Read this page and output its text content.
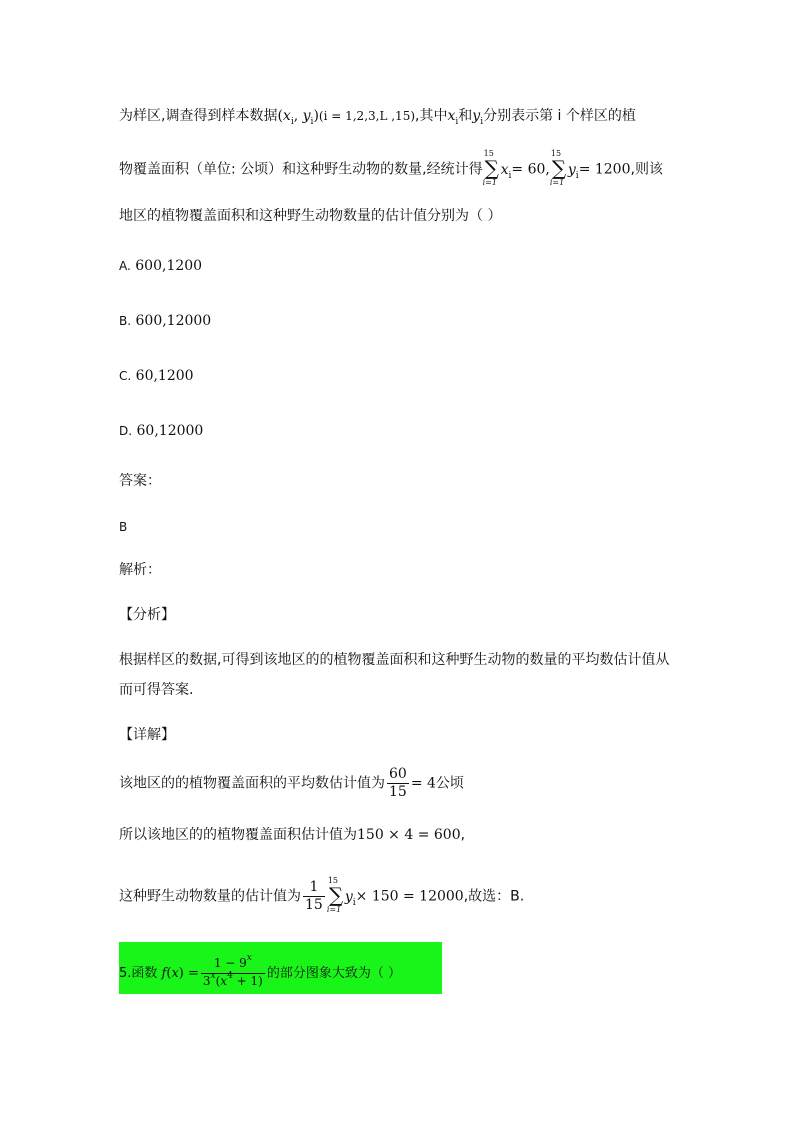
为样区,调查得到样本数据($x_i$, $y_i)(i = 1,2,3,L$ ,15),其中$x_i$和$y_i$分别表示第 i 个样区的植
物覆盖面积（单位: 公顷）和这种野生动物的数量,经统计得
15
∑
i=1
$x_i= 60$,
15
∑
i=1
$y_i= 1200$,则该
地区的植物覆盖面积和这种野生动物数量的估计值分别为（ ）
A. 600,1200
B. 600,12000
C. 60,1200
D. 60,12000
答案：
B
解析：
【分析】
根据样区的数据,可得到该地区的的植物覆盖面积和这种野生动物的数量的平均数估计值从
而可得答案.
【详解】
该地区的的植物覆盖面积的平均数估计值为 $\frac{60}{15} = 4$公顷
所以该地区的的植物覆盖面积估计值为150 × 4 = 600,
这种野生动物数量的估计值为 $\frac{1}{15} 15$
∑
i=1
$y_i\times 150 = 12000$,故选：B.
5.函数 $f(x) = \frac{1 - 9^x}{3^x(x^4 + 1)}$ 的部分图象大致为（ ）
